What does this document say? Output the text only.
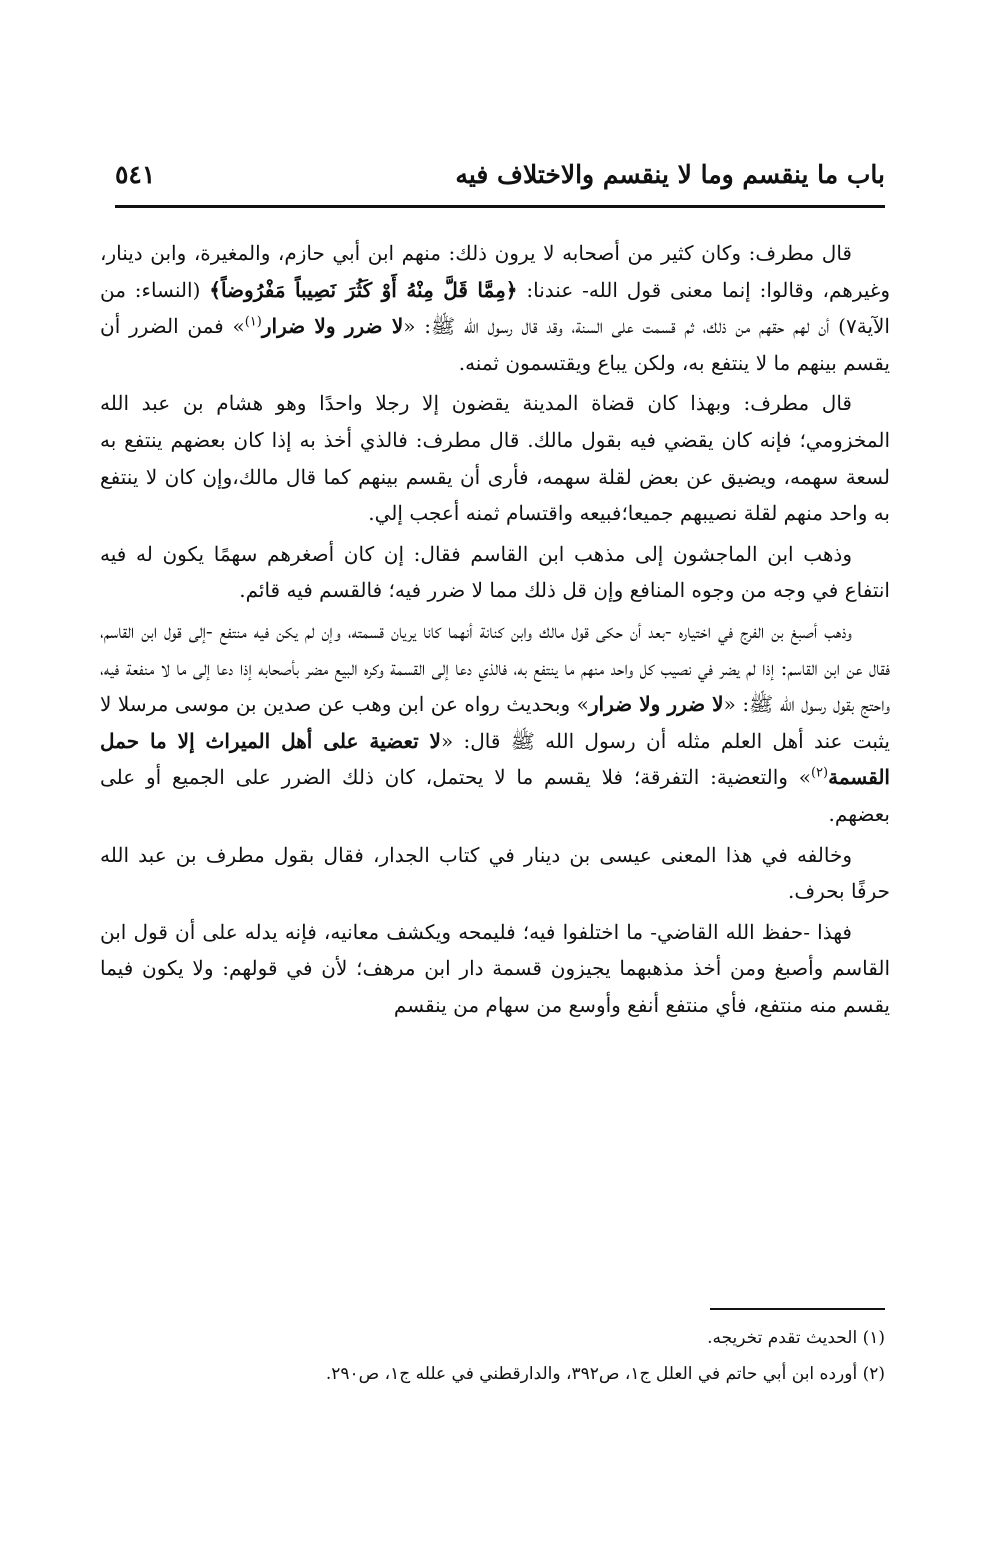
باب ما ينقسم وما لا ينقسم والاختلاف فيه
٥٤١

قال مطرف: وكان كثير من أصحابه لا يرون ذلك: منهم ابن أبي حازم، والمغيرة، وابن دينار، وغيرهم، وقالوا: إنما معنى قول الله- عندنا: ﴿مِمَّا قَلَّ مِنْهُ أَوْ كَثُرَ نَصِيباً مَفْرُوضاً﴾ (النساء: من الآية٧) أن لهم حقهم من ذلك، ثم قسمت على السنة، وقد قال رسول الله ﷺ: «لا ضرر ولا ضرار$^{(١)}$» فمن الضرر أن يقسم بينهم ما لا ينتفع به، ولكن يباع ويقتسمون ثمنه.

قال مطرف: وبهذا كان قضاة المدينة يقضون إلا رجلا واحدًا وهو هشام بن عبد الله المخزومي؛ فإنه كان يقضي فيه بقول مالك. قال مطرف: فالذي أخذ به إذا كان بعضهم ينتفع به لسعة سهمه، ويضيق عن بعض لقلة سهمه، فأرى أن يقسم بينهم كما قال مالك،وإن كان لا ينتفع به واحد منهم لقلة نصيبهم جميعا؛فبيعه واقتسام ثمنه أعجب إلي.

وذهب ابن الماجشون إلى مذهب ابن القاسم فقال: إن كان أصغرهم سهمًا يكون له فيه انتفاع في وجه من وجوه المنافع وإن قل ذلك مما لا ضرر فيه؛ فالقسم فيه قائم.

وذهب أصبغ بن الفرج في اختياره -بعد أن حكى قول مالك وابن كنانة أنهما كانا يريان قسمته، وإن لم يكن فيه منتفع -إلى قول ابن القاسم، فقال عن ابن القاسم: إذا لم يضر في نصيب كل واحد منهم ما ينتفع به، فالذي دعا إلى القسمة وكره البيع مضر بأصحابه إذا دعا إلى ما لا منفعة فيه، واحتج بقول رسول الله ﷺ: «لا ضرر ولا ضرار» وبحديث رواه عن ابن وهب عن صدين بن موسى مرسلا لا يثبت عند أهل العلم مثله أن رسول الله ﷺ قال: «لا تعضية على أهل الميراث إلا ما حمل القسمة$^{(٢)}$» والتعضية: التفرقة؛ فلا يقسم ما لا يحتمل، كان ذلك الضرر على الجميع أو على بعضهم.

وخالفه في هذا المعنى عيسى بن دينار في كتاب الجدار، فقال بقول مطرف بن عبد الله حرفًا بحرف.

فهذا -حفظ الله القاضي- ما اختلفوا فيه؛ فليمحه ويكشف معانيه، فإنه يدله على أن قول ابن القاسم وأصبغ ومن أخذ مذهبهما يجيزون قسمة دار ابن مرهف؛ لأن في قولهم: ولا يكون فيما يقسم منه منتفع، فأي منتفع أنفع وأوسع من سهام من ينقسم

(١) الحديث تقدم تخريجه.
(٢) أورده ابن أبي حاتم في العلل ج١، ص٣٩٢، والدارقطني في علله ج١، ص٢٩٠.
